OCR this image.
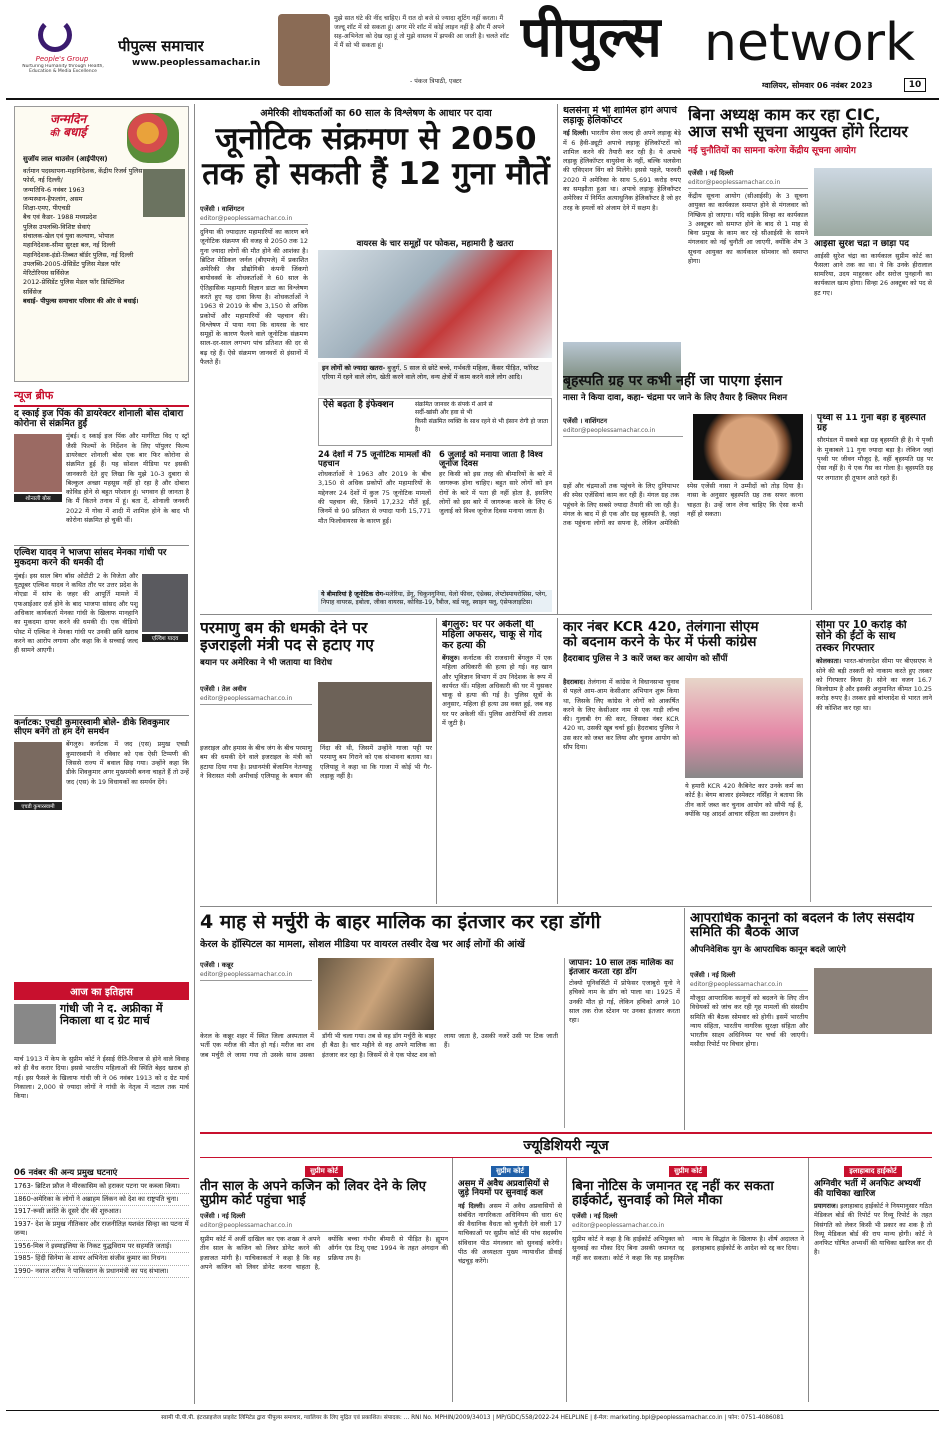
People's Group
Nurturing Humanity through Health, Education & Media Excellence
पीपुल्स समाचार
www.peoplessamachar.in
मुझे सात घंटे की नींद चाहिए। मैं रात दो बजे से ज्यादा शूटिंग नहीं करता। मैं जल्दू शॉट में सो सकता हूं। अगर मेरे शॉट में कोई लाइन नहीं है और मैं अपने सह-अभिनेता को देख रहा हूं तो मुझे वास्तव में झपकी आ जाती है। चलते शॉट में मैं सो भी सकता हूं।
- पंकज त्रिपाठी, एक्टर
पीपुल्स network
ग्वालियर, सोमवार 06 नवंबर 2023	10
जन्मदिन
की बधाई
सुजॉय लाल थाउसेन (आईपीएस)
वर्तमान पदस्थापना-महानिदेशक, केंद्रीय रिजर्व पुलिस फोर्स, नई दिल्ली/
जन्मतिथि-6 नवंबर 1963
जन्मस्थान-हैफलांग, असम
शिक्षा-एमए, पीएचडी
बैच एवं कैडर- 1988 मध्यप्रदेश
पुलिस उपलब्धि-विशिष्ट सेवाएं
संचालक-खेल एवं युवा कल्याण, भोपाल
महानिदेशक-सीमा सुरक्षा बल, नई दिल्ली
महानिदेशक-इंडो-तिब्बत बॉर्डर पुलिस, नई दिल्ली
उपलब्धि-2005-प्रेसिडेंट पुलिस मेडल फॉर मेरिटोरियस सर्विसेज
2012-प्रेसिडेंट पुलिस मेडल फॉर डिस्टिंग्विश सर्विसेज
बधाई- पीपुल्स समाचार परिवार की ओर से बधाई।
न्यूज ब्रीफ
द स्काई इज पिंक की डायरेक्टर शोनाली बोस दोबारा कोरोना से संक्रमित हुईं
शोनाली बोस
मुंबई। द स्काई इज पिंक और मार्गरिटा विद ए स्ट्रॉ जैसी फिल्मों के निर्देशन के लिए पॉपुलर फिल्म डायरेक्टर शोनाली बोस एक बार फिर कोरोना से संक्रमित हुई हैं। यह सोशल मीडिया पर इसकी जानकारी देते हुए लिखा कि मुझे 10-3 दुबारा से बिल्कुल अच्छा महसूस नहीं हो रहा है और दोबारा कोविड होने से बहुत परेशान हूं। भगवान ही जानता है कि मैं कितने तनाव में हूं। बता दें, शोनाली जनवरी 2022 में गोवा में शादी में शामिल होने के बाद भी कोरोना संक्रमित हो चुकी थीं।
एल्विश यादव ने भाजपा सांसद मेनका गांधी पर मुकदमा करने की धमकी दी
एल्विश यादव
मुंबई। इस साल बिग बॉस ओटीटी 2 के विजेता और यूट्यूबर एल्विश यादव ने कथित तौर पर उत्तर प्रदेश के नोएडा में सांप के जहर की आपूर्ति मामले में एफआईआर दर्ज होने के बाद भाजपा सांसद और पशु अधिकार कार्यकर्ता मेनका गांधी के खिलाफ मानहानि का मुकदमा दायर करने की धमकी दी। एक वीडियो पोस्ट में एल्विश ने मेनका गांधी पर उनकी छवि खराब करने का आरोप लगाया और कहा कि वे सच्चाई जल्द ही सामने आएगी।
कर्नाटक: एचडी कुमारस्वामी बोले- डीके शिवकुमार सीएम बनेंगे तो हम देंगे समर्थन
एचडी कुमारस्वामी
बेंगलुरु। कर्नाटक में जद (एस) प्रमुख एचडी कुमारस्वामी ने रविवार को एक ऐसी टिप्पणी की जिससे राज्य में बवाल छिड़ गया। उन्होंने कहा कि डीके शिवकुमार अगर मुख्यमंत्री बनना चाहते हैं तो उन्हें जद (एस) के 19 विधायकों का समर्थन देंगे।
आज का इतिहास
गांधी जी ने द. अफ्रीका में निकाला था द ग्रेट मार्च
मार्च 1913 में केप के सुप्रीम कोर्ट ने ईसाई रीति-रिवाज से होने वाले विवाह को ही वैध करार दिया। इससे भारतीय महिलाओं की स्थिति बेहद खराब हो गई। इस फैसले के खिलाफ गांधी जी ने 06 नवंबर 1913 को द ग्रेट मार्च निकाला। 2,000 से ज्यादा लोगों ने गांधी के नेतृत्व में नटाल तक मार्च किया।
06 नवंबर की अन्य प्रमुख घटनाएं
1763- ब्रिटिश फ्रौज ने मीरकासिम को हराकर पटना पर कब्जा किया।
1860-अमेरिका के लोगों ने अब्राहम लिंकन को देश का राष्ट्रपति चुना।
1917-रूसी क्रांति के दूसरे दौर की शुरुआत।
1937- देश के प्रमुख नीतिकार और राजनीतिज्ञ यशवंत सिन्हा का पटना में जन्म।
1956-मिस्र ने इस्माइलिया के निकट युद्धविराम पर सहमति जताई।
1985- हिंदी सिनेमा के शायर अभिनेता संजीव कुमार का निधन।
1990- नवाज शरीफ ने पाकिस्तान के प्रधानमंत्री का पद संभाला।
अमेरिकी शोधकर्ताओं का 60 साल के विश्लेषण के आधार पर दावा
जूनोटिक संक्रमण से 2050
तक हो सकती हैं 12 गुना मौतें
एजेंसी । वाशिंगटन
editor@peoplessamachar.co.in
दुनिया की ज्यादातर महामारियों का कारण बने जूनोटिक संक्रमण की वजह से 2050 तक 12 गुना ज्यादा लोगों की मौत होने की आशंका है। ब्रिटिश मेडिकल जर्नल (बीएमजे) में प्रकाशित अमेरिकी जैव प्रौद्योगिकी कंपनी जिंकगो बायोवर्क्स के शोधकर्ताओं ने 60 साल के ऐतिहासिक महामारी विज्ञान डाटा का विश्लेषण करते हुए यह दावा किया है। शोधकर्ताओं ने 1963 से 2019 के बीच 3,150 से अधिक प्रकोपों और महामारियों की पहचान की। विश्लेषण में पाया गया कि वायरस के चार समूहों के कारण फैलने वाले जूनोटिक संक्रमण साल-दर-साल लगभग पांच प्रतिशत की दर से बढ़ रहे हैं। ऐसे संक्रमण जानवरों से इंसानों में फैलते हैं।
वायरस के चार समूहों पर फोकस, महामारी है खतरा
इन लोगों को ज्यादा खतरा- बुजुर्ग, 5 साल से छोटे बच्चे, गर्भवती महिला, कैंसर पीड़ित, फॉरेस्ट एरिया में रहने वाले लोग, खेती करने वाले लोग, वन्य क्षेत्रों में काम करने वाले लोग आदि।
ऐसे बढ़ता है इंफेक्शन	संक्रमित जानवर के संपर्क में आने से
सर्दी-खांसी और हवा से भी
किसी संक्रमित व्यक्ति के साथ रहने से भी इंसान रोगी हो जाता है।
24 देशों में 75 जूनोटिक मामलों की पहचान
शोधकर्ताओं ने 1963 और 2019 के बीच 3,150 से अधिक प्रकोपों और महामारियों के मद्देनजर 24 देशों में कुल 75 जूनोटिक मामलों की पहचान की, जिनमें 17,232 मौतें हुईं, जिनमें से 90 प्रतिशत से ज्यादा यानी 15,771 मौत फिलोवायरस के कारण हुईं।
6 जुलाई को मनाया जाता है विश्व जूनोज दिवस
हर किसी को इस तरह की बीमारियों के बारे में जागरूक होना चाहिए। बहुत सारे लोगों को इन रोगों के बारे में पता ही नहीं होता है, इसलिए लोगों को इस बारे में जागरूक करने के लिए 6 जुलाई को विश्व जूनोज दिवस मनाया जाता है।
ये बीमारियां है जूनोटिक रोग-मलेरिया, डेंगू, चिकुनगुनिया, येलो फीवर, एंथ्रेक्स, लेप्टोस्पायरोसिस, प्लेग, निपाह वायरस, इबोला, जीका वायरस, कोविड-19, रैबीज, बर्ड फ्लू, स्वाइन फ्लू, एंसेफलाइटिस।
थलसेना में भी शामिल होंगे अपाचे लड़ाकू हेलिकॉप्टर
नई दिल्ली। भारतीय सेना जल्द ही अपने लड़ाकू बेड़े में 6 हैवी-ड्यूटी अपाचे लड़ाकू हेलिकॉप्टरों को शामिल करने की तैयारी कर रही है। ये अपाचे लड़ाकू हेलिकॉप्टर वायुसेना के नहीं, बल्कि थलसेना की एविएशन विंग को मिलेंगे। इससे पहले, फरवरी 2020 में अमेरिका के साथ 5,691 करोड़ रुपए का समझौता हुआ था। अपाचे लड़ाकू हेलिकॉप्टर अमेरिका में निर्मित अत्याधुनिक हेलिकॉप्टर है जो हर तरह के हमलों को अंजाम देने में सक्षम है।
बिना अध्यक्ष काम कर रहा CIC,
आज सभी सूचना आयुक्त होंगे रिटायर
नई चुनौतियों का सामना करेगा केंद्रीय सूचना आयोग
एजेंसी । नई दिल्ली
editor@peoplessamachar.co.in
केंद्रीय सूचना आयोग (सीआईसी) के 3 सूचना आयुक्त का कार्यकाल समाप्त होने से मंगलवार को निष्क्रिय हो जाएगा। यदि वाईके सिन्हा का कार्यकाल 3 अक्टूबर को समाप्त होने के बाद से 1 माह से बिना प्रमुख के काम कर रहे सीआईसी के सामने मंगलवार को नई चुनौती आ जाएगी, क्योंकि शेष 3 सूचना आयुक्त का कार्यकाल सोमवार को समाप्त होगा।
आईसी सुरेश चंद्रा ने छोड़ा पद
आईसी सुरेश चंद्रा का कार्यकाल सुप्रीम कोर्ट का फैसला आने तक का था। ये कि उनके हीरालाल सामरिया, उदय माहुरकर और सरोज पुनहानी का कार्यकाल खत्म होगा। सिन्हा 26 अक्टूबर को पद से हट गए।
बृहस्पति ग्रह पर कभी नहीं जा पाएगा इंसान
नासा ने किया दावा, कहा- चंद्रमा पर जाने के लिए तैयार है क्लिपर मिशन
एजेंसी । वाशिंगटन
editor@peoplessamachar.co.in
ग्रहों और चंद्रमाओं तक पहुंचने के लिए दुनियाभर की स्पेस एजेंसियां काम कर रही हैं। मंगल ग्रह तक पहुंचने के लिए सबसे ज्यादा तैयारी की जा रही है। मंगल के बाद में ही एक और ग्रह बृहस्पति है, जहां तक पहुंचना लोगों का सपना है, लेकिन अमेरिकी स्पेस एजेंसी नासा ने उम्मीदों को तोड़ दिया है। नासा के अनुसार बृहस्पति ग्रह तक सफर करना चाहता है। उन्हें जान लेना चाहिए कि ऐसा कभी नहीं हो सकता।
पृथ्वी से 11 गुना बड़ा है बृहस्पति ग्रह
सौरमंडल में सबसे बड़ा ग्रह बृहस्पति ही है। ये पृथ्वी के मुकाबले 11 गुना ज्यादा बड़ा है। लेकिन जहां पृथ्वी पर जीवन मौजूद है, वहीं बृहस्पति ग्रह पर ऐसा नहीं है। ये एक गैस का गोला है। बृहस्पति ग्रह पर लगातार ही तूफान आते रहते हैं।
परमाणु बम की धमकी देने पर
इजराइली मंत्री पद से हटाए गए
बयान पर अमेरिका ने भी जताया था विरोध
एजेंसी । तेल अवीव
editor@peoplessamachar.co.in
इजराइल और हमास के बीच जंग के बीच परमाणु बम की धमकी देने वाले इजराइल के मंत्री को हटाया दिया गया है। प्रधानमंत्री बेंजामिन नेतन्याहू ने विरासत मंत्री अमीचाई एलियाहू के बयान की निंदा की थी, जिसमें उन्होंने गाजा पट्टी पर परमाणु बम गिराने को एक संभावना बताया था। एलियाहू ने कहा था कि गाजा में कोई भी गैर-लड़ाकू नहीं है।
बेंगलुरु: घर पर अकेली थी महिला अफसर, चाकू से गोद कर हत्या की
बेंगलुरु। कर्नाटक की राजधानी बेंगलुरु में एक महिला अधिकारी की हत्या हो गई। वह खान और भूविज्ञान विभाग में उप निदेशक के रूप में कार्यरत थीं। महिला अधिकारी की घर में घुसकर चाकू से हत्या की गई है। पुलिस सूत्रों के अनुसार, महिला ही हत्या उस वक्त हुई, जब वह घर पर अकेली थीं। पुलिस आरोपियों की तलाश में जुटी है।
कार नंबर KCR 420, तेलंगाना सीएम
को बदनाम करने के फेर में फंसी कांग्रेस
हैदराबाद पुलिस ने 3 कारें जब्त कर आयोग को सौंपीं
हैदराबाद। तेलंगाना में कांग्रेस ने विधानसभा चुनाव से पहले आम-आम केसीआर अभियान शुरू किया था, जिसके लिए कांग्रेस ने लोगों को आकर्षित करने के लिए केसीआर नाम से एक गाड़ी लॉन्च की। गुलाबी रंग की कार, जिसका नंबर KCR 420 था, उसकी खूब चर्चा हुई। हैदराबाद पुलिस ने उस कार को जब्त कर लिया और चुनाव आयोग को सौंप दिया।
ये हमारी KCR 420 कैबिनेट कार उनके कर्म का कोर्ट है। बेगम बाजार इंस्पेक्टर नर्सिंहा ने बताया कि तीन कारें जब्त कर चुनाव आयोग को सौंपी गई हैं, क्योंकि यह आदर्श आचार संहिता का उल्लंघन है।
सीमा पर 10 करोड़ की
सोने की ईंटों के साथ
तस्कर गिरफ्तार
कोलकाता। भारत-बांग्लादेश सीमा पर बीएसएफ ने सोने की बड़ी तस्करी को नाकाम करते हुए तस्कर को गिरफ्तार किया है। सोने का वजन 16.7 किलोग्राम है और इसकी अनुमानित कीमत 10.25 करोड़ रुपए है। तस्कर इसे बांग्लादेश से भारत लाने की कोशिश कर रहा था।
4 माह से मर्चुरी के बाहर मालिक का इंतजार कर रहा डॉगी
केरल के हॉस्पिटल का मामला, सोशल मीडिया पर वायरल तस्वीर देख भर आईं लोगों की आंखें
एजेंसी । कन्नूर
editor@peoplessamachar.co.in
केरल के कन्नूर शहर में स्थित जिला अस्पताल में भर्ती एक मरीज की मौत हो गई। मरीज का शव जब मर्चुरी ले जाया गया तो उसके साथ उसका डॉगी भी चला गया। तब से वह डॉग मर्चुरी के बाहर ही बैठा है। चार महीने से वह अपने मालिक का इंतजार कर रहा है। जिसमें से वे एक पोस्ट शव को लाया जाता है, उसकी नजरें उसी पर टिक जाती हैं।
जापान: 10 साल तक मालिक का इंतजार करता रहा डॉग
टोक्यो यूनिवर्सिटी में प्रोफेसर एजाबुरो यूनो ने हचिको नाम के डॉग को पाला था। 1925 में उनकी मौत हो गई, लेकिन हचिको अगले 10 साल तक रोज स्टेशन पर उनका इंतजार करता रहा।
आपराधिक कानूनों को बदलने के लिए संसदीय समिति की बैठक आज
औपनिवेशिक युग के आपराधिक कानून बदले जाएंगे
एजेंसी । नई दिल्ली
editor@peoplessamachar.co.in
मौजूदा आपराधिक कानूनों को बदलने के लिए तीन विधेयकों को जांच कर रही गृह मामलों की संसदीय समिति की बैठक सोमवार को होगी। इसमें भारतीय न्याय संहिता, भारतीय नागरिक सुरक्षा संहिता और भारतीय साक्ष्य अधिनियम पर चर्चा की जाएगी। मसौदा रिपोर्ट पर विचार होगा।
ज्यूडिशियरी न्यूज
सुप्रीम कोर्ट
तीन साल के अपने कजिन को लिवर देने के लिए सुप्रीम कोर्ट पहुंचा भाई
एजेंसी । नई दिल्ली
editor@peoplessamachar.co.in
सुप्रीम कोर्ट में अर्जी दाखिल कर एक शख्स ने अपने तीन साल के कजिन को लिवर डोनेट करने की इजाजत मांगी है। याचिकाकर्ता ने कहा है कि वह अपने कजिन को लिवर डोनेट करना चाहता है, क्योंकि बच्चा गंभीर बीमारी से पीड़ित है। ह्यूमन ऑर्गन एंड टिशू एक्ट 1994 के तहत अंगदान की प्रक्रिया तय है।
सुप्रीम कोर्ट
असम में अवैध अप्रवासियों से जुड़े नियमों पर सुनवाई कल
नई दिल्ली। असम में अवैध अप्रवासियों से संबंधित नागरिकता अधिनियम की धारा 6ए की वैधानिक वैधता को चुनौती देने वाली 17 याचिकाओं पर सुप्रीम कोर्ट की पांच सदस्यीय संविधान पीठ मंगलवार को सुनवाई करेगी। पीठ की अध्यक्षता मुख्य न्यायाधीश डीवाई चंद्रचूड़ करेंगे।
सुप्रीम कोर्ट
बिना नोटिस के जमानत रद्द नहीं कर सकता हाईकोर्ट, सुनवाई को मिले मौका
एजेंसी । नई दिल्ली
editor@peoplessamachar.co.in
सुप्रीम कोर्ट ने कहा है कि हाईकोर्ट अभियुक्त को सुनवाई का मौका दिए बिना उसकी जमानत रद्द नहीं कर सकता। कोर्ट ने कहा कि यह प्राकृतिक न्याय के सिद्धांत के खिलाफ है। शीर्ष अदालत ने इलाहाबाद हाईकोर्ट के आदेश को रद्द कर दिया।
इलाहाबाद हाईकोर्ट
अग्निवीर भर्ती में अनफिट अभ्यर्थी की याचिका खारिज
प्रयागराज। इलाहाबाद हाईकोर्ट ने नियमानुसार गठित मेडिकल बोर्ड की रिपोर्ट पर रिव्यू रिपोर्ट के तहत विसंगति को लेकर किसी भी प्रकार का शक है तो रिव्यू मेडिकल बोर्ड की राय मान्य होगी। कोर्ट ने अनफिट घोषित अभ्यर्थी की याचिका खारिज कर दी है।
स्वामी पी.पी.पी. इंटरप्राइजेज प्राइवेट लिमिटेड द्वारा पीपुल्स समाचार, ग्वालियर के लिए मुद्रित एवं प्रकाशित। संपादक: ... RNI No. MPHIN/2009/34013 | MP/GDC/558/2022-24 HELPLINE | ई-मेल: marketing.bpl@peoplessamachar.co.in | फोन: 0751-4086081
